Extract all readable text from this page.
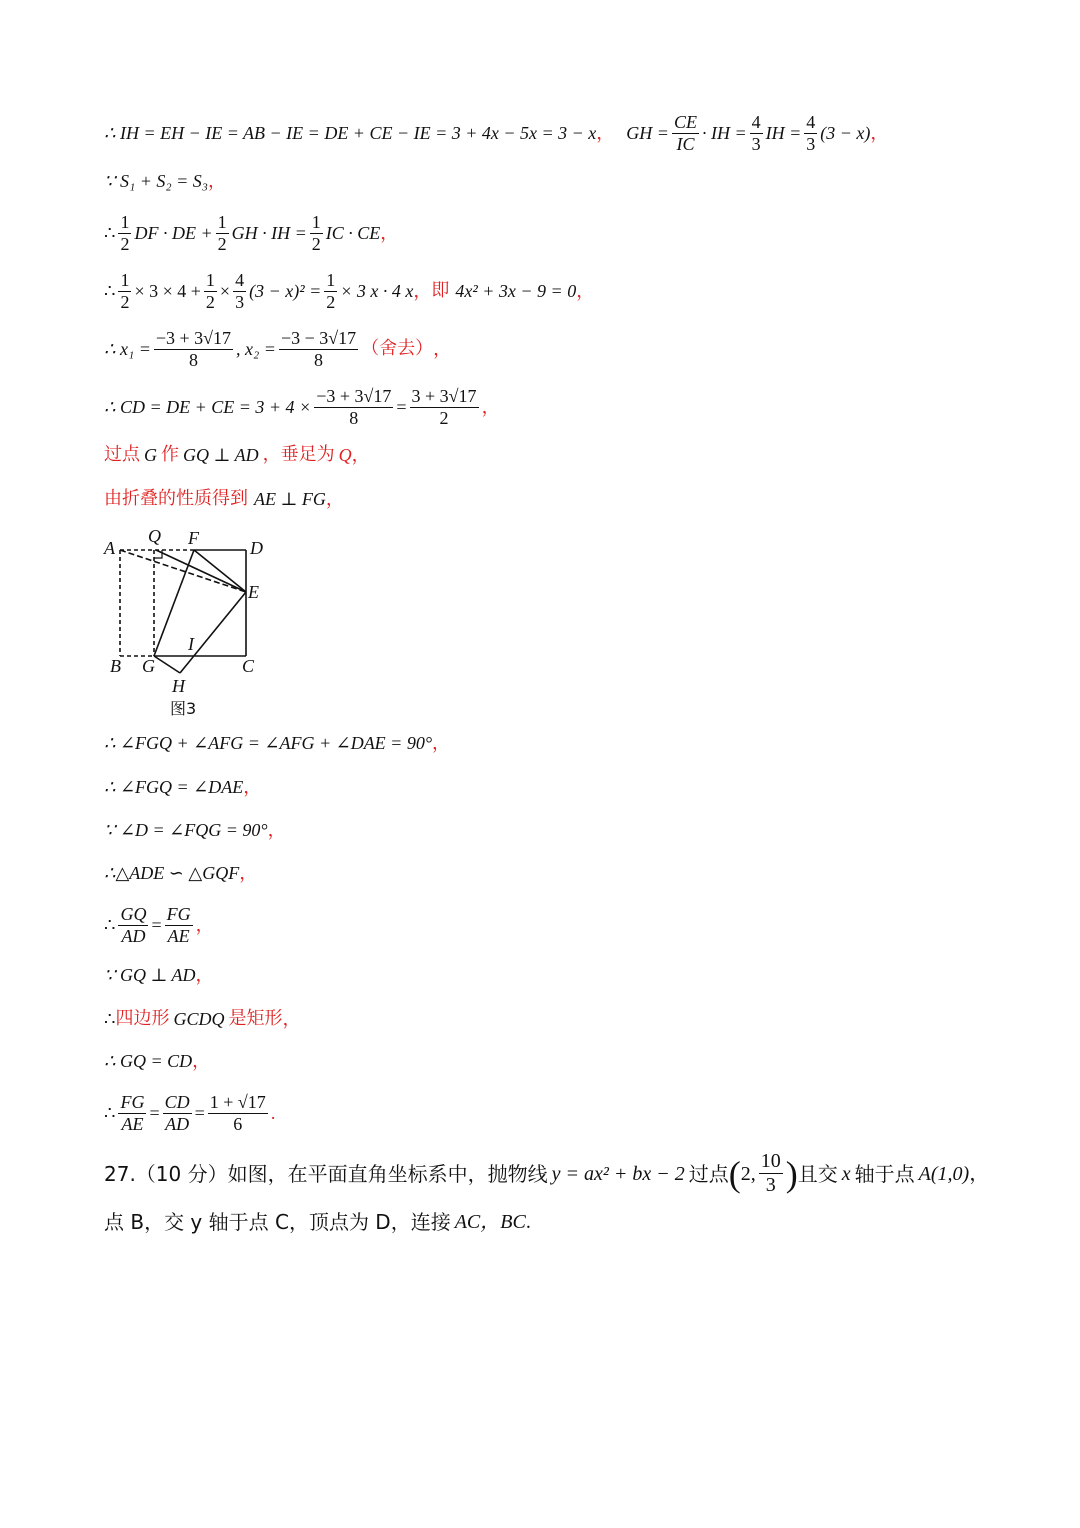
∴ IH = EH − IE = AB − IE = DE + CE − IE = 3 + 4x − 5x = 3 − x ， GH = $\frac{CE}{IC}$ · IH = $\frac{4}{3}$ IH = $\frac{4}{3} (3 - x)$ ，
∵ S₁ + S₂ = S₃ ，
∴ $\frac{1}{2}$ DF · DE + $\frac{1}{2}$ GH · IH = $\frac{1}{2}$ IC · CE ，
∴ $\frac{1}{2} \times 3 \times 4 + \frac{1}{2} \times \frac{4}{3} (3 - x)^2 = \frac{1}{2} \times 3$ x · 4 x ， 即 4x² + 3x − 9 = 0 ，
∴ $x_1 = \frac{-3 + 3√17}{8}$ , $x_2 = \frac{-3 - 3√17}{8}$ （舍去） ，
∴ CD = DE + CE = $3 + 4 \times \frac{-3 + 3√17}{8} = \frac{3 + 3√17}{2}$ ，
过点 G 作 GQ ⊥ AD ，垂足为 Q ，
由折叠的性质得到 AE ⊥ FG ，
A
Q F	D
E
I
B G	C
H
图3
∴ ∠FGQ + ∠AFG = ∠AFG + ∠DAE = 90° ，
∴ ∠FGQ = ∠DAE ，
∵ ∠D = ∠FQG = 90° ，
∴△ADE ∽ △GQF ，
∴ $\frac{GQ}{AD} = \frac{FG}{AE}$ ，
∵ GQ ⊥ AD ，
∴ 四边形 GCDQ 是矩形 ，
∴ GQ = CD ，
∴ $\frac{FG}{AE} = \frac{CD}{AD} = \frac{1 + √17}{6}$ .
27.（10 分）如图，在平面直角坐标系中，抛物线 y = ax² + bx − 2 过点 ( 2, $\frac{10}{3}$ ) 且交 x 轴于点 A(1,0) ，
点 B，交 y 轴于点 C，顶点为 D，连接 AC，BC .
